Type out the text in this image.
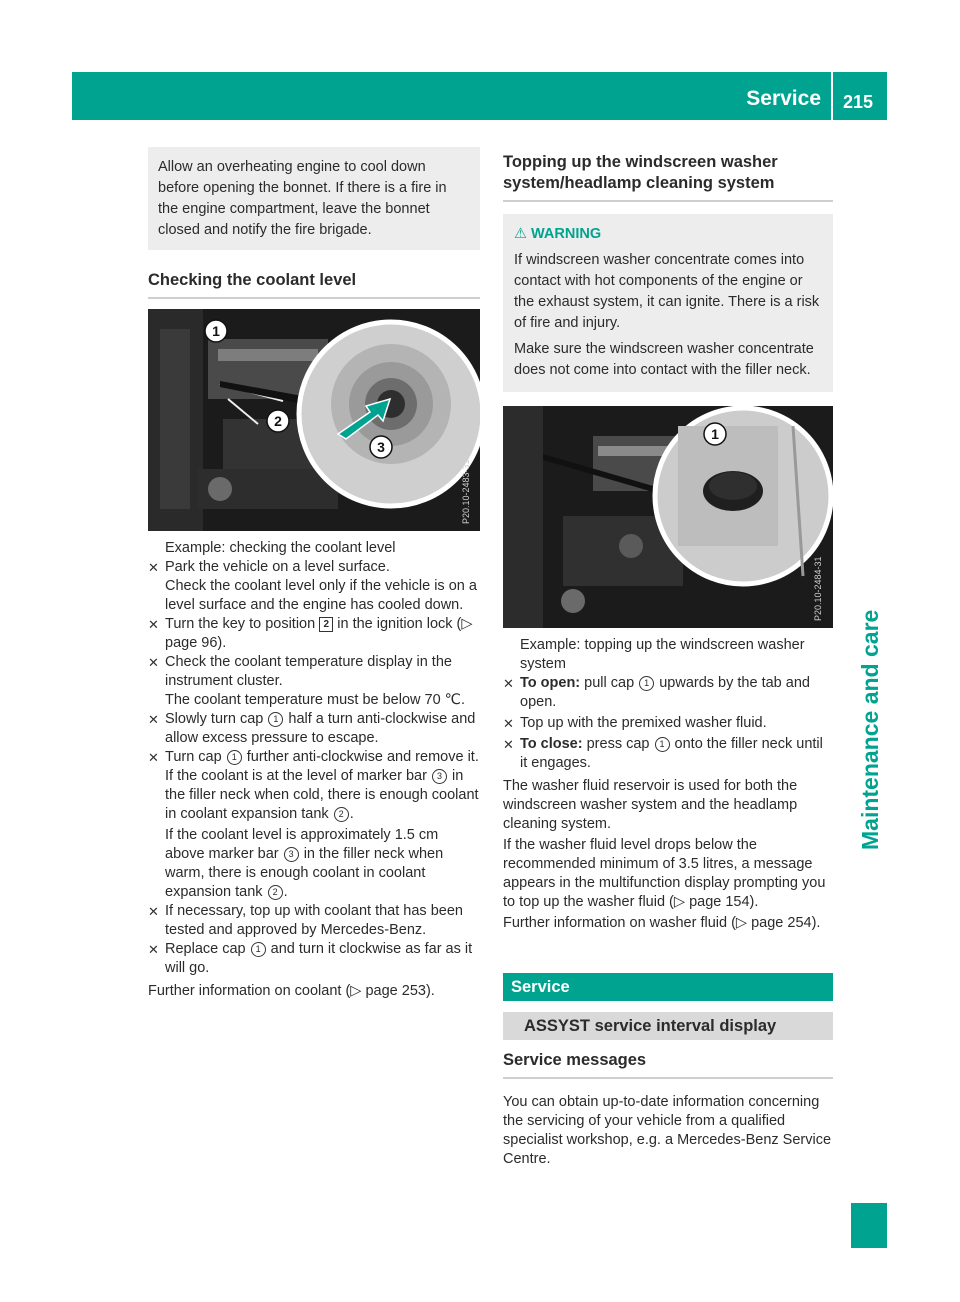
Service 215
Maintenance and care
Allow an overheating engine to cool down before opening the bonnet. If there is a fire in the engine compartment, leave the bonnet closed and notify the fire brigade.
Checking the coolant level
P20.10-2483-31
1
2
3

Example: checking the coolant level

✕ Park the vehicle on a level surface.

Check the coolant level only if the vehicle is on a level surface and the engine has cooled down.

✕ Turn the key to position 2 in the ignition lock (▷ page 96).

✕ Check the coolant temperature display in the instrument cluster.

The coolant temperature must be below 70 ℃.

✕ Slowly turn cap 1 half a turn anti-clockwise and allow excess pressure to escape.

✕ Turn cap 1 further anti-clockwise and remove it.

If the coolant is at the level of marker bar 3 in the filler neck when cold, there is enough coolant in coolant expansion tank 2 .

If the coolant level is approximately 1.5 cm above marker bar 3 in the filler neck when warm, there is enough coolant in coolant expansion tank 2 .

✕ If necessary, top up with coolant that has been tested and approved by Mercedes-Benz.

✕ Replace cap 1 and turn it clockwise as far as it will go.

Further information on coolant (▷ page 253).

Topping up the windscreen washer system/headlamp cleaning system
⚠ WARNING

If windscreen washer concentrate comes into contact with hot components of the engine or the exhaust system, it can ignite. There is a risk of fire and injury.

Make sure the windscreen washer concentrate does not come into contact with the filler neck.

P20.10-2484-31
1

Example: topping up the windscreen washer system

✕ To open: pull cap 1 upwards by the tab and open.

✕ Top up with the premixed washer fluid.

✕ To close: press cap 1 onto the filler neck until it engages.

The washer fluid reservoir is used for both the windscreen washer system and the headlamp cleaning system.

If the washer fluid level drops below the recommended minimum of 3.5 litres, a message appears in the multifunction display prompting you to top up the washer fluid (▷ page 154).

Further information on washer fluid (▷ page 254).

Service
ASSYST service interval display
Service messages

You can obtain up-to-date information concerning the servicing of your vehicle from a qualified specialist workshop, e.g. a Mercedes-Benz Service Centre.
